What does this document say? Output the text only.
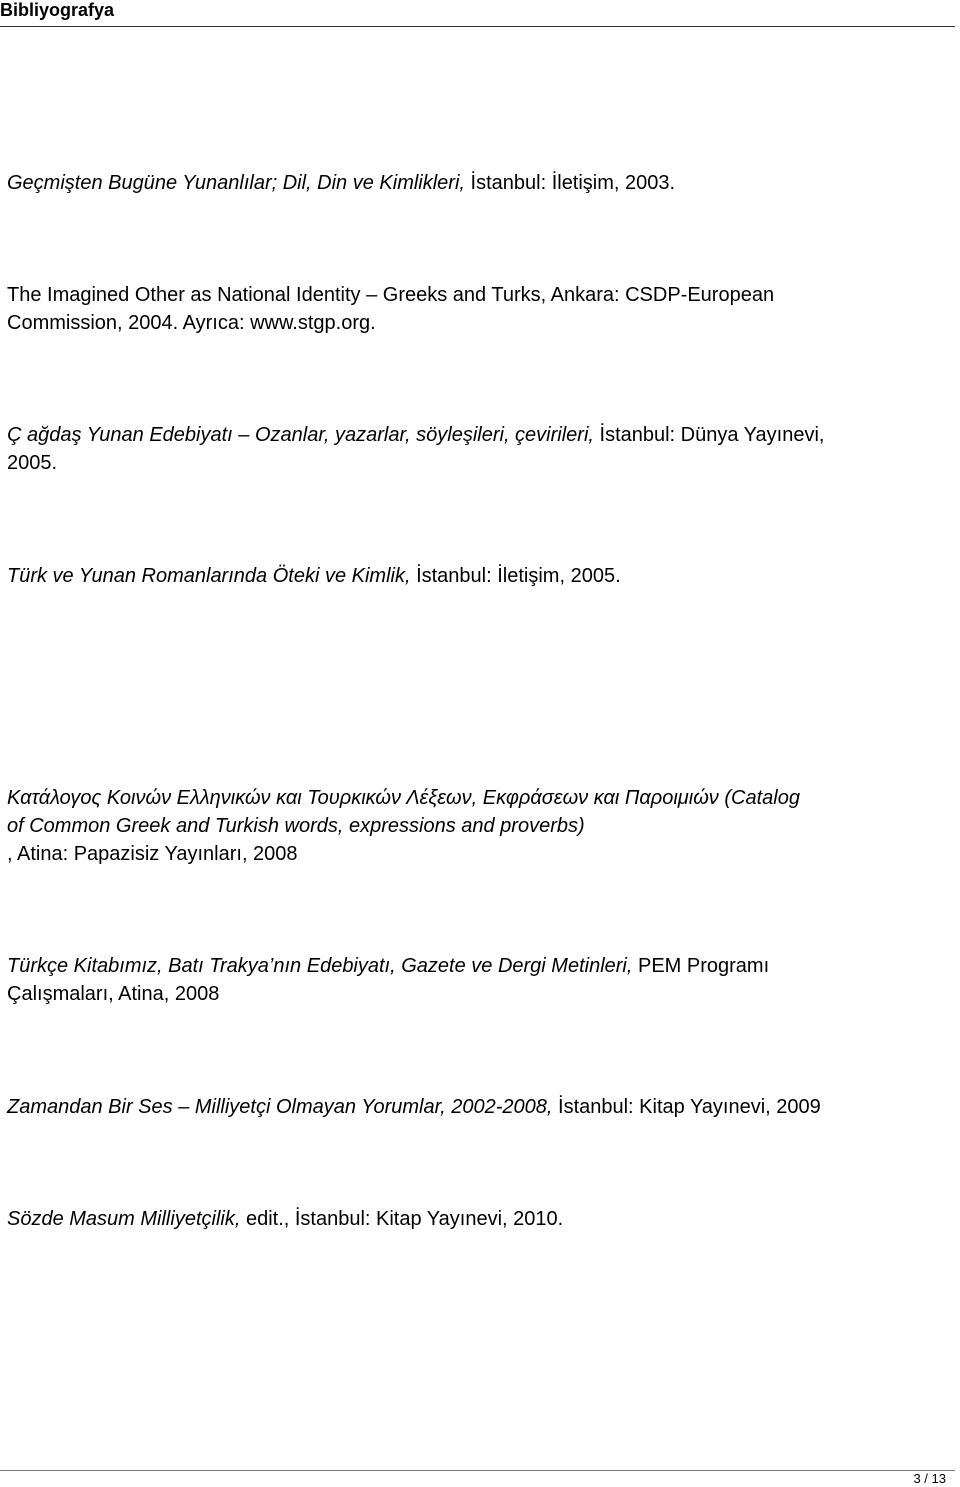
Bibliyografya
Geçmişten Bugüne Yunanlılar; Dil, Din ve Kimlikleri, İstanbul: İletişim, 2003.
The Imagined Other as National Identity – Greeks and Turks, Ankara: CSDP-European
Commission, 2004. Ayrıca: www.stgp.org.
Ç ağdaş Yunan Edebiyatı – Ozanlar, yazarlar, söyleşileri, çevirileri, İstanbul: Dünya Yayınevi,
2005.
Türk ve Yunan Romanlarında Öteki ve Kimlik, İstanbul: İletişim, 2005.
Κατάλογος Κοινών Ελληνικών και Τουρκικών Λέξεων, Εκφράσεων και Παροιμιών (Catalog
of Common Greek and Turkish words, expressions and proverbs)
, Atina: Papazisiz Yayınları, 2008
Türkçe Kitabımız, Batı Trakya’nın Edebiyatı, Gazete ve Dergi Metinleri, PEM Programı
Çalışmaları, Atina, 2008
Zamandan Bir Ses – Milliyetçi Olmayan Yorumlar, 2002-2008, İstanbul: Kitap Yayınevi, 2009
Sözde Masum Milliyetçilik, edit., İstanbul: Kitap Yayınevi, 2010.
3 / 13
